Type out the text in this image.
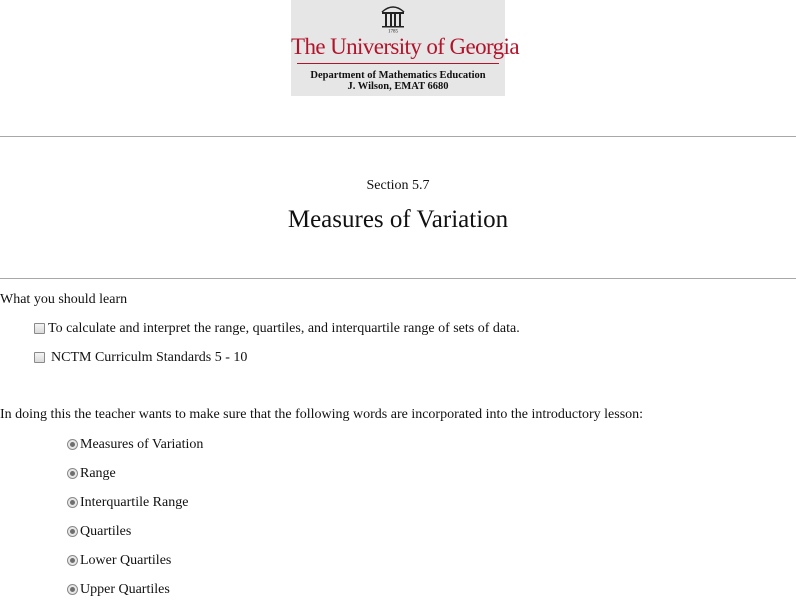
1785
The University of Georgia
Department of Mathematics Education
J. Wilson, EMAT 6680
Section 5.7
Measures of Variation
What you should learn
To calculate and interpret the range, quartiles, and interquartile range of sets of data.
NCTM Curriculm Standards 5 - 10
In doing this the teacher wants to make sure that the following words are incorporated into the introductory lesson:
Measures of Variation
Range
Interquartile Range
Quartiles
Lower Quartiles
Upper Quartiles
